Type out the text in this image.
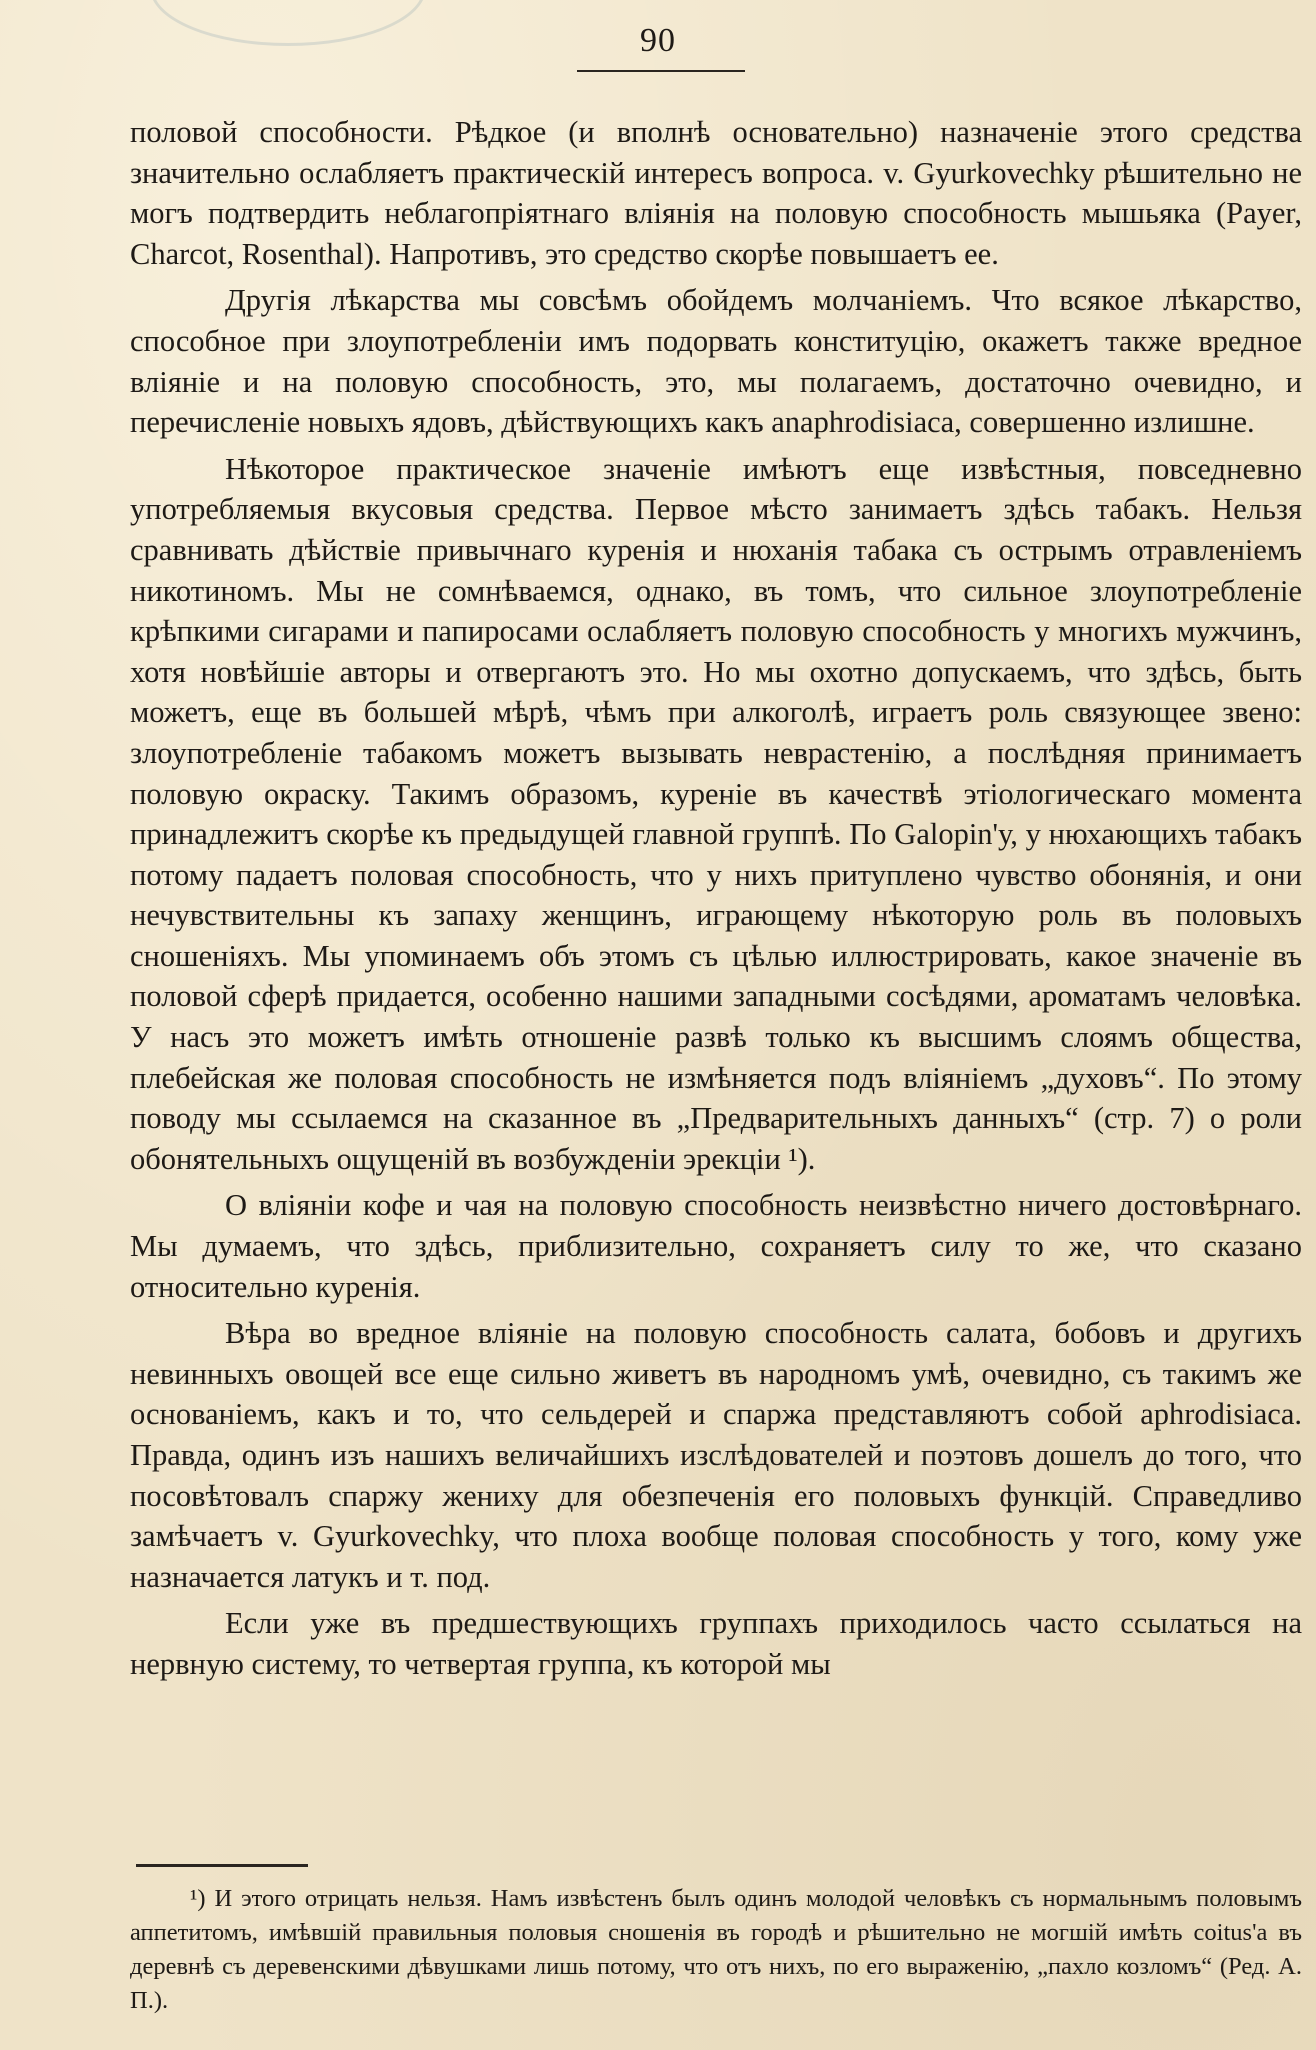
90

половой способности. Рѣдкое (и вполнѣ основательно) назначеніе этого средства значительно ослабляетъ практическій интересъ вопроса. v. Gyurkovechky рѣшительно не могъ подтвердить неблагопріятнаго вліянія на половую способность мышьяка (Payer, Charcot, Rosenthal). Напротивъ, это средство скорѣе повышаетъ ее.

Другія лѣкарства мы совсѣмъ обойдемъ молчаніемъ. Что всякое лѣкарство, способное при злоупотребленіи имъ подорвать конституцію, окажетъ также вредное вліяніе и на половую способность, это, мы полагаемъ, достаточно очевидно, и перечисленіе новыхъ ядовъ, дѣйствующихъ какъ anaphrodisiaca, совершенно излишне.

Нѣкоторое практическое значеніе имѣютъ еще извѣстныя, повседневно употребляемыя вкусовыя средства. Первое мѣсто занимаетъ здѣсь табакъ. Нельзя сравнивать дѣйствіе привычнаго куренія и нюханія табака съ острымъ отравленіемъ никотиномъ. Мы не сомнѣваемся, однако, въ томъ, что сильное злоупотребленіе крѣпкими сигарами и папиросами ослабляетъ половую способность у многихъ мужчинъ, хотя новѣйшіе авторы и отвергаютъ это. Но мы охотно допускаемъ, что здѣсь, быть можетъ, еще въ большей мѣрѣ, чѣмъ при алкоголѣ, играетъ роль связующее звено: злоупотребленіе табакомъ можетъ вызывать неврастенію, а послѣдняя принимаетъ половую окраску. Такимъ образомъ, куреніе въ качествѣ этіологическаго момента принадлежитъ скорѣе къ предыдущей главной группѣ. По Galopin'у, у нюхающихъ табакъ потому падаетъ половая способность, что у нихъ притуплено чувство обонянія, и они нечувствительны къ запаху женщинъ, играющему нѣкоторую роль въ половыхъ сношеніяхъ. Мы упоминаемъ объ этомъ съ цѣлью иллюстрировать, какое значеніе въ половой сферѣ придается, особенно нашими западными сосѣдями, ароматамъ человѣка. У насъ это можетъ имѣть отношеніе развѣ только къ высшимъ слоямъ общества, плебейская же половая способность не измѣняется подъ вліяніемъ „духовъ“. По этому поводу мы ссылаемся на сказанное въ „Предварительныхъ данныхъ“ (стр. 7) о роли обонятельныхъ ощущеній въ возбужденіи эрекціи ¹).

О вліяніи кофе и чая на половую способность неизвѣстно ничего достовѣрнаго. Мы думаемъ, что здѣсь, приблизительно, сохраняетъ силу то же, что сказано относительно куренія.

Вѣра во вредное вліяніе на половую способность салата, бобовъ и другихъ невинныхъ овощей все еще сильно живетъ въ народномъ умѣ, очевидно, съ такимъ же основаніемъ, какъ и то, что сельдерей и спаржа представляютъ собой aphrodisiaca. Правда, одинъ изъ нашихъ величайшихъ изслѣдователей и поэтовъ дошелъ до того, что посовѣтовалъ спаржу жениху для обезпеченія его половыхъ функцій. Справедливо замѣчаетъ v. Gyurkovechky, что плоха вообще половая способность у того, кому уже назначается латукъ и т. под.

Если уже въ предшествующихъ группахъ приходилось часто ссылаться на нервную систему, то четвертая группа, къ которой мы

¹) И этого отрицать нельзя. Намъ извѣстенъ былъ одинъ молодой человѣкъ съ нормальнымъ половымъ аппетитомъ, имѣвшій правильныя половыя сношенія въ городѣ и рѣшительно не могшій имѣть coitus'а въ деревнѣ съ деревенскими дѣвушками лишь потому, что отъ нихъ, по его выраженію, „пахло козломъ“ (Ред. А. П.).
